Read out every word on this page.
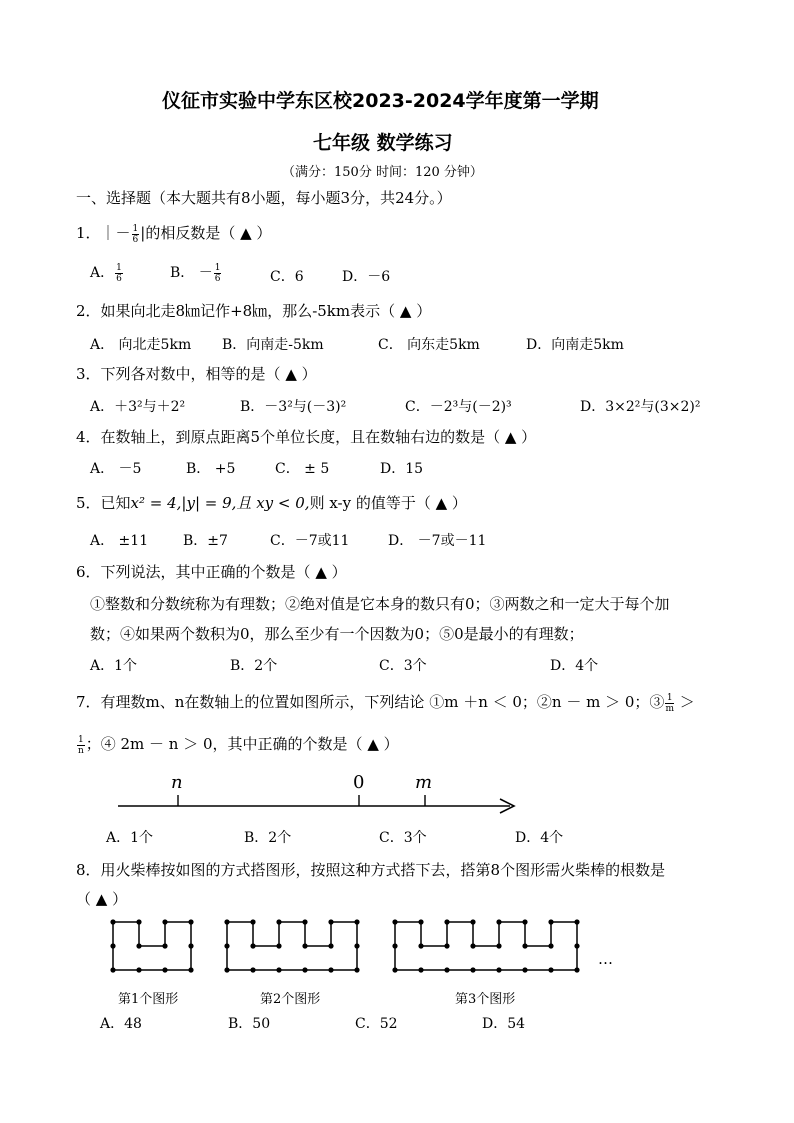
仪征市实验中学东区校2023-2024学年度第一学期
七年级 数学练习
（满分：150分 时间：120 分钟）
一、选择题（本大题共有8小题，每小题3分，共24分。）
1．｜－ $\frac{1}{6}$ |的相反数是（ ▲ ）
A． $\frac{1}{6}$	B． － $\frac{1}{6}$	C．6	D．－6
2．如果向北走8㎞记作+8㎞，那么-5km表示（ ▲ ）
A． 向北走5km B．向南走-5km	C． 向东走5km	D．向南走5km
3．下列各对数中，相等的是（ ▲ ）
A．＋3²与＋2²	B．－3²与(－3)²	C．－2³与(－2)³	D．3×2²与(3×2)²
4．在数轴上，到原点距离5个单位长度，且在数轴右边的数是（ ▲ ）
A． －5	B． +5	C． ± 5	D．15
5．已知x² = 4,|y| = 9,且 xy < 0,则 x-y 的值等于（ ▲ ）
A． ±11 B．±7	C．－7或11	D． －7或－11
6．下列说法，其中正确的个数是（ ▲ ）
①整数和分数统称为有理数；②绝对值是它本身的数只有0；③两数之和一定大于每个加
数；④如果两个数积为0，那么至少有一个因数为0；⑤0是最小的有理数；
A．1个	B．2个	C．3个	D．4个
7．有理数m、n在数轴上的位置如图所示，下列结论 ①m ＋n ＜ 0；②n － m ＞ 0；③ $\frac{1}{m}$ ＞
$\frac{1}{n}$ ；④ 2m － n ＞ 0，其中正确的个数是（ ▲ ）
n	0	m
A．1个	B．2个	C．3个	D．4个
8．用火柴棒按如图的方式搭图形，按照这种方式搭下去，搭第8个图形需火柴棒的根数是
（ ▲ ）
第1个图形	第2个图形	第3个图形
…
A．48	B．50	C．52	D．54
